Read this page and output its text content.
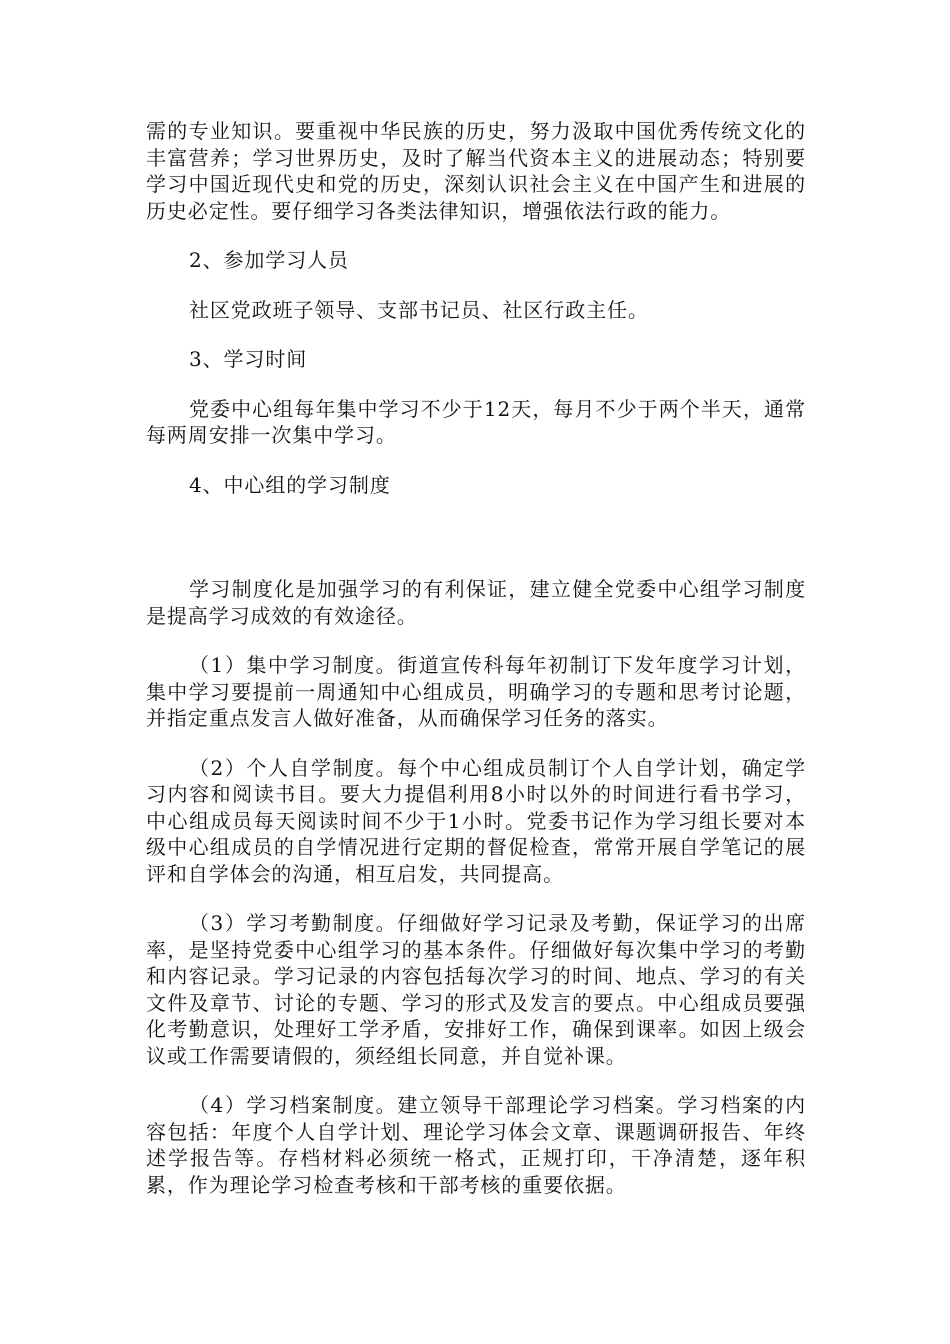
需的专业知识。要重视中华民族的历史，努力汲取中国优秀传统文化的丰富营养；学习世界历史，及时了解当代资本主义的进展动态；特别要学习中国近现代史和党的历史，深刻认识社会主义在中国产生和进展的历史必定性。要仔细学习各类法律知识，增强依法行政的能力。

2、参加学习人员

社区党政班子领导、支部书记员、社区行政主任。

3、学习时间

党委中心组每年集中学习不少于12天，每月不少于两个半天，通常每两周安排一次集中学习。

4、中心组的学习制度

学习制度化是加强学习的有利保证，建立健全党委中心组学习制度是提高学习成效的有效途径。

（1）集中学习制度。街道宣传科每年初制订下发年度学习计划，集中学习要提前一周通知中心组成员，明确学习的专题和思考讨论题，并指定重点发言人做好准备，从而确保学习任务的落实。

（2）个人自学制度。每个中心组成员制订个人自学计划，确定学习内容和阅读书目。要大力提倡利用8小时以外的时间进行看书学习，中心组成员每天阅读时间不少于1小时。党委书记作为学习组长要对本级中心组成员的自学情况进行定期的督促检查，常常开展自学笔记的展评和自学体会的沟通，相互启发，共同提高。

（3）学习考勤制度。仔细做好学习记录及考勤，保证学习的出席率，是坚持党委中心组学习的基本条件。仔细做好每次集中学习的考勤和内容记录。学习记录的内容包括每次学习的时间、地点、学习的有关文件及章节、讨论的专题、学习的形式及发言的要点。中心组成员要强化考勤意识，处理好工学矛盾，安排好工作，确保到课率。如因上级会议或工作需要请假的，须经组长同意，并自觉补课。

（4）学习档案制度。建立领导干部理论学习档案。学习档案的内容包括：年度个人自学计划、理论学习体会文章、课题调研报告、年终述学报告等。存档材料必须统一格式，正规打印，干净清楚，逐年积累，作为理论学习检查考核和干部考核的重要依据。
